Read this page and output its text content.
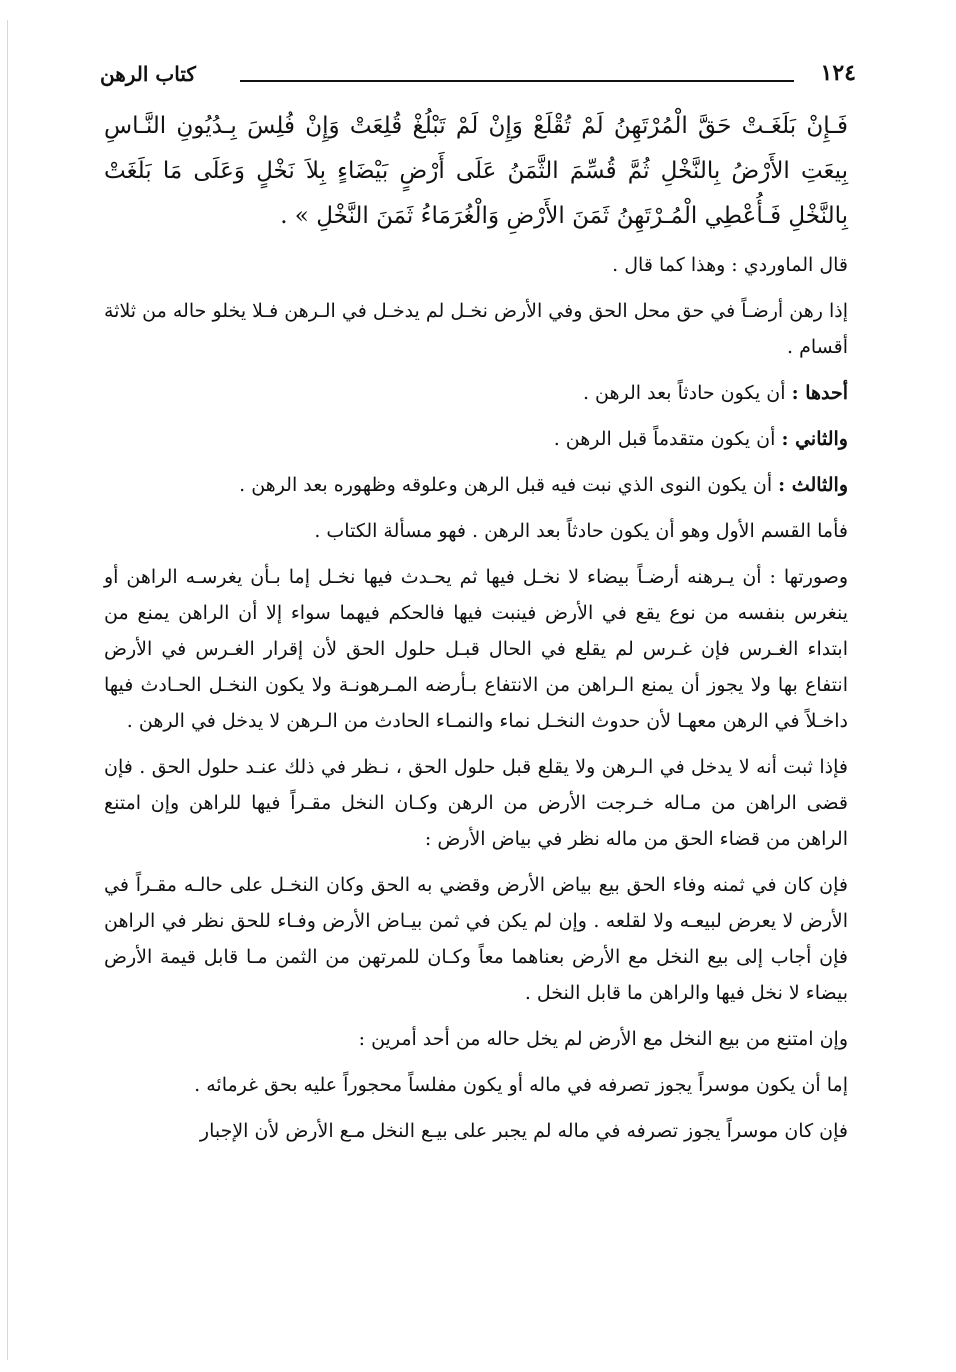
١٢٤
كتاب الرهن

فَـإِنْ بَلَغَـتْ حَقَّ الْمُرْتَهِنُ لَمْ تُقْلَعْ وَإِنْ لَمْ تَبْلُغْ قُلِعَتْ وَإِنْ فُلِسَ بِـدُيُونِ النَّـاسِ بِيعَتِ الأَرْضُ بِالنَّخْلِ ثُمَّ قُسِّمَ الثَّمَنُ عَلَى أَرْضٍ بَيْضَاءٍ بِلاَ نَخْلٍ وَعَلَى مَا بَلَغَتْ بِالنَّخْلِ فَـأُعْطِي الْمُـرْتَهِنُ ثَمَنَ الأَرْضِ وَالْغُرَمَاءُ ثَمَنَ النَّخْلِ » .

قال الماوردي : وهذا كما قال .

إذا رهن أرضـاً في حق محل الحق وفي الأرض نخـل لم يدخـل في الـرهن فـلا يخلو حاله من ثلاثة أقسام .

أحدها : أن يكون حادثاً بعد الرهن .

والثاني : أن يكون متقدماً قبل الرهن .

والثالث : أن يكون النوى الذي نبت فيه قبل الرهن وعلوقه وظهوره بعد الرهن .

فأما القسم الأول وهو أن يكون حادثاً بعد الرهن . فهو مسألة الكتاب .

وصورتها : أن يـرهنه أرضـاً بيضاء لا نخـل فيها ثم يحـدث فيها نخـل إما بـأن يغرسـه الراهن أو ينغرس بنفسه من نوع يقع في الأرض فينبت فيها فالحكم فيهما سواء إلا أن الراهن يمنع من ابتداء الغـرس فإن غـرس لم يقلع في الحال قبـل حلول الحق لأن إقرار الغـرس في الأرض انتفاع بها ولا يجوز أن يمنع الـراهن من الانتفاع بـأرضه المـرهونـة ولا يكون النخـل الحـادث فيها داخـلاً في الرهن معهـا لأن حدوث النخـل نماء والنمـاء الحادث من الـرهن لا يدخل في الرهن .

فإذا ثبت أنه لا يدخل في الـرهن ولا يقلع قبل حلول الحق ، نـظر في ذلك عنـد حلول الحق . فإن قضى الراهن من مـاله خـرجت الأرض من الرهن وكـان النخل مقـراً فيها للراهن وإن امتنع الراهن من قضاء الحق من ماله نظر في بياض الأرض :

فإن كان في ثمنه وفاء الحق بيع بياض الأرض وقضي به الحق وكان النخـل على حالـه مقـراً في الأرض لا يعرض لبيعـه ولا لقلعه . وإن لم يكن في ثمن بيـاض الأرض وفـاء للحق نظر في الراهن فإن أجاب إلى بيع النخل مع الأرض بعناهما معاً وكـان للمرتهن من الثمن مـا قابل قيمة الأرض بيضاء لا نخل فيها والراهن ما قابل النخل .

وإن امتنع من بيع النخل مع الأرض لم يخل حاله من أحد أمرين :

إما أن يكون موسراً يجوز تصرفه في ماله أو يكون مفلساً محجوراً عليه بحق غرمائه .

فإن كان موسراً يجوز تصرفه في ماله لم يجبر على بيـع النخل مـع الأرض لأن الإجبار
